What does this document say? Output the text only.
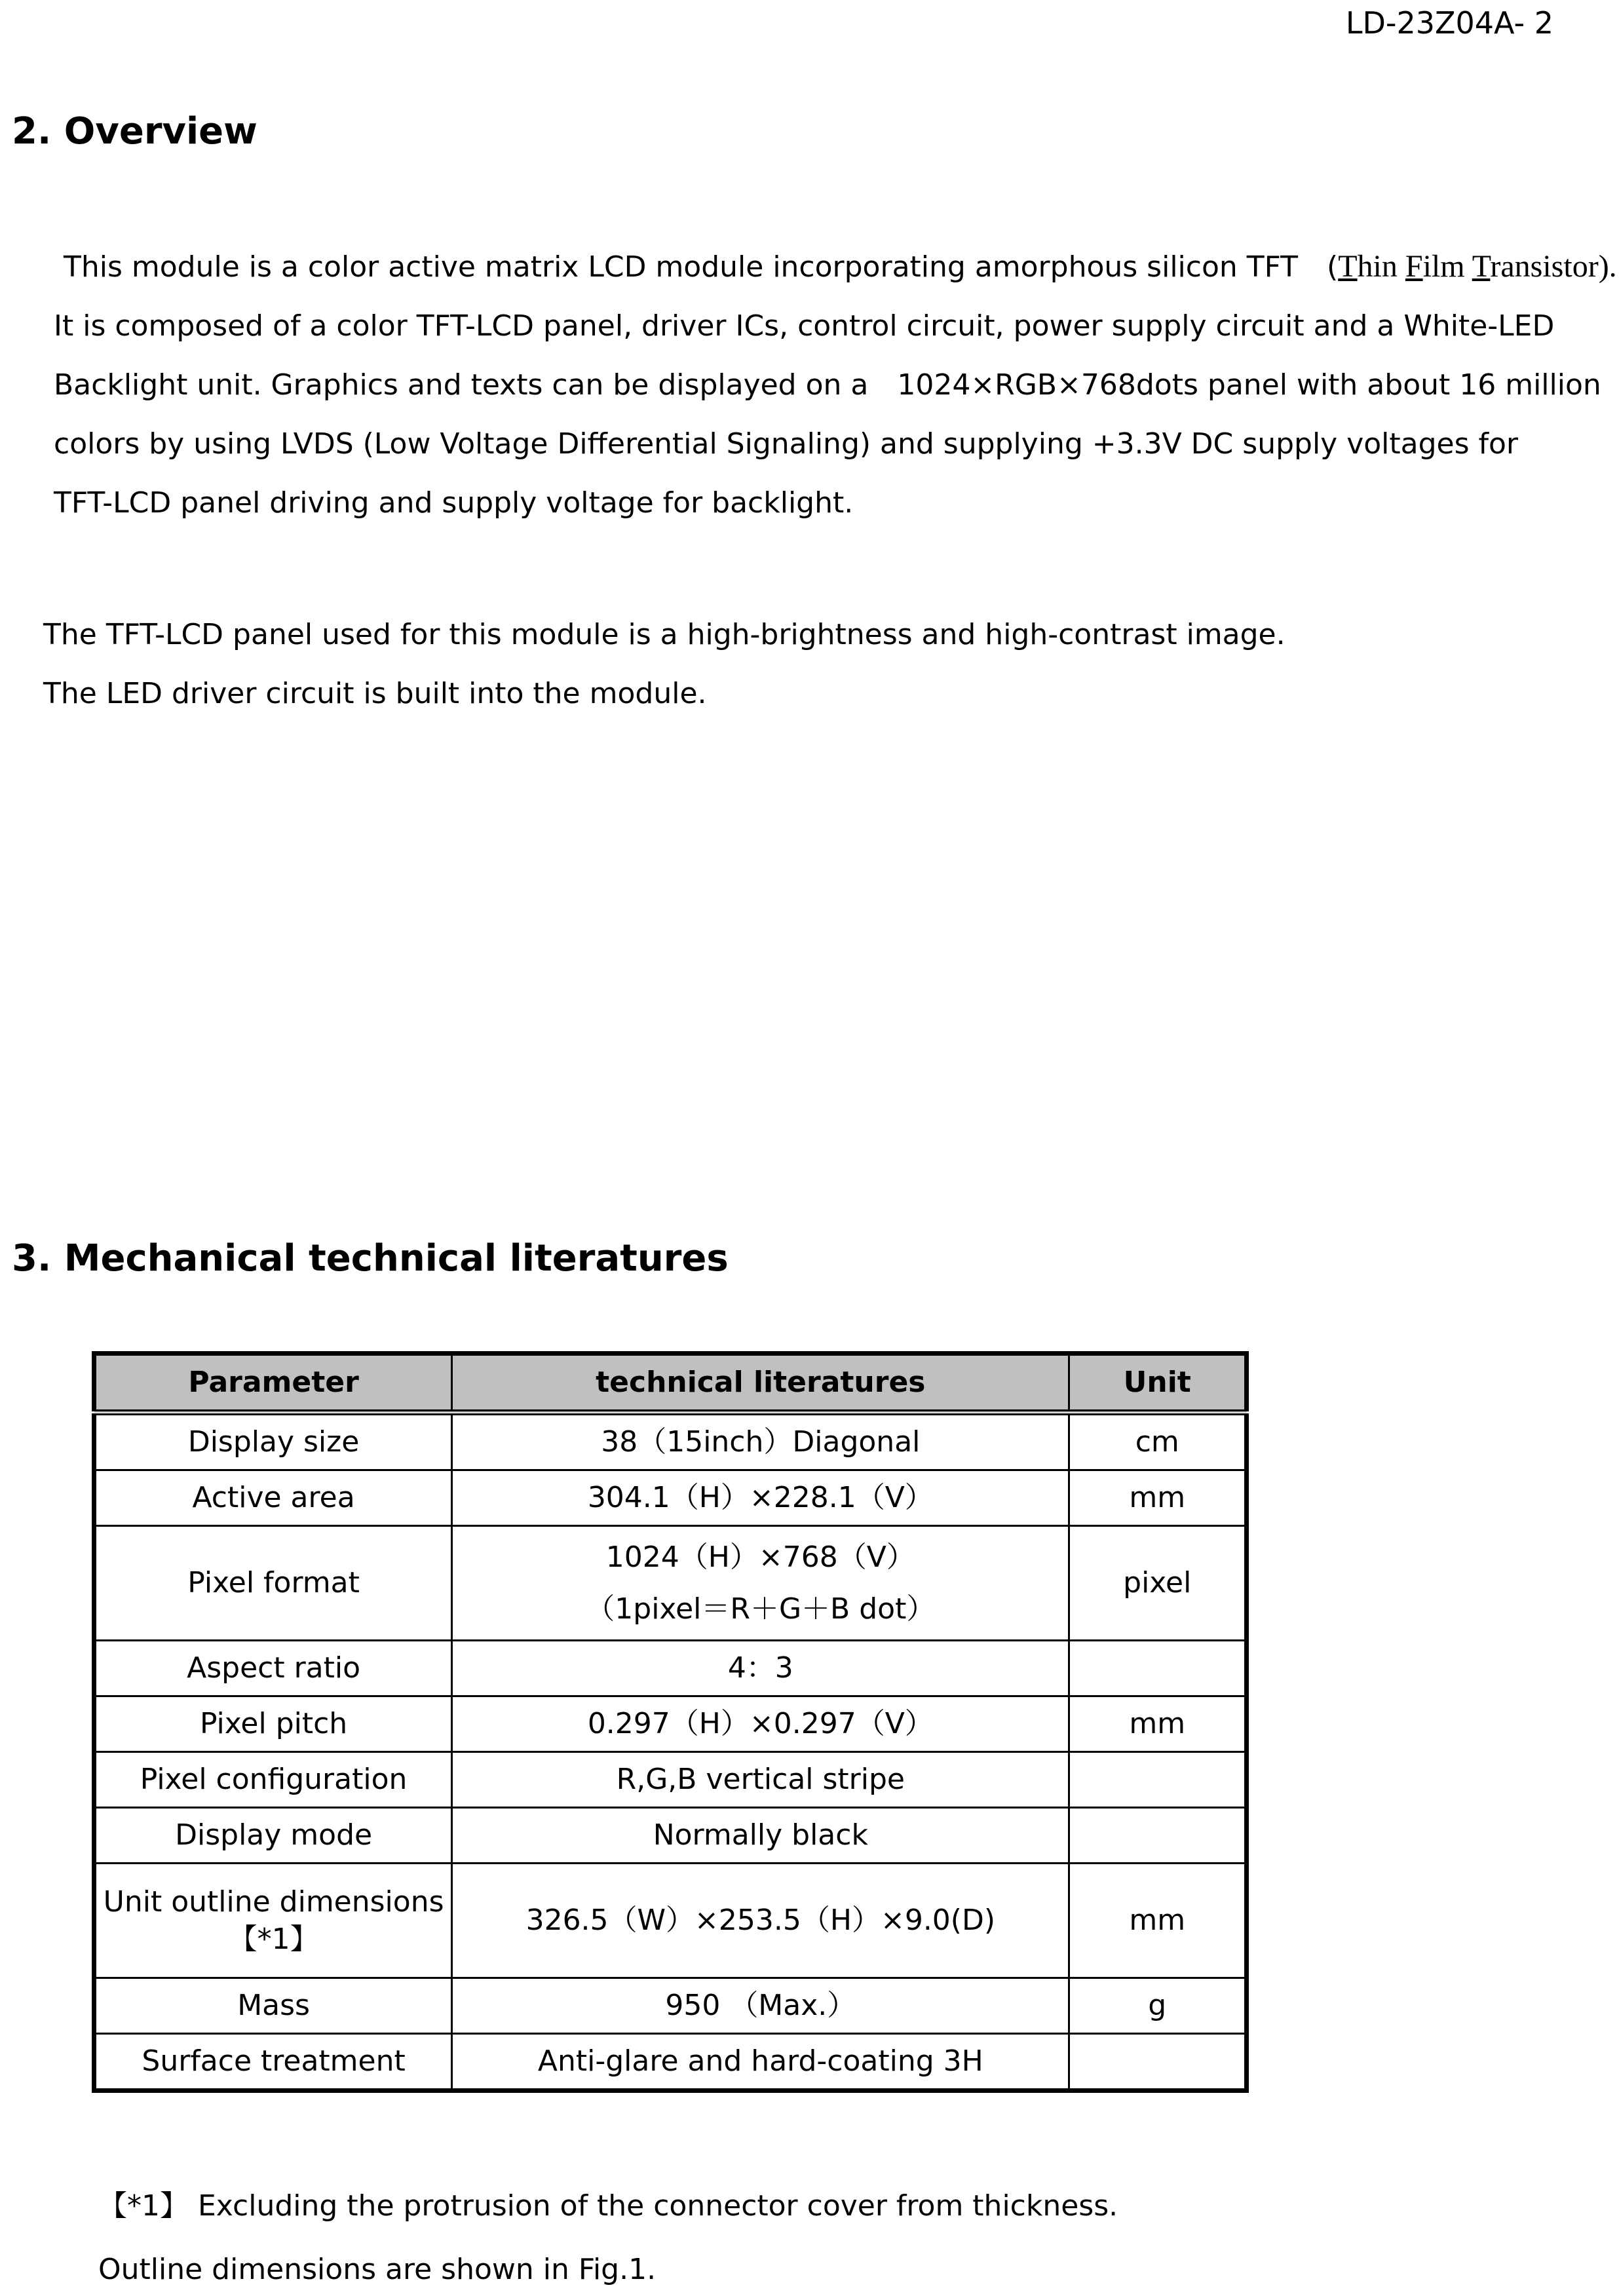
LD-23Z04A- 2
2. Overview
This module is a color active matrix LCD module incorporating amorphous silicon TFT　(Thin Film Transistor).
It is composed of a color TFT-LCD panel, driver ICs, control circuit, power supply circuit and a White-LED
Backlight unit. Graphics and texts can be displayed on a　1024×RGB×768dots panel with about 16 million
colors by using LVDS (Low Voltage Differential Signaling) and supplying +3.3V DC supply voltages for
TFT-LCD panel driving and supply voltage for backlight.
The TFT-LCD panel used for this module is a high-brightness and high-contrast image.
The LED driver circuit is built into the module.
3. Mechanical technical literatures
Parameter	technical literatures	Unit
Display size	38（15inch）Diagonal	cm
Active area	304.1（H）×228.1（V）	mm
Pixel format	1024（H）×768（V）
（1pixel＝R＋G＋B dot）	pixel
Aspect ratio	4：3	
Pixel pitch	0.297（H）×0.297（V）	mm
Pixel configuration	R,G,B vertical stripe	
Display mode	Normally black	
Unit outline dimensions
【*1】	326.5（W）×253.5（H）×9.0(D)	mm
Mass	950 （Max.）	g
Surface treatment	Anti-glare and hard-coating 3H	
【*1】 Excluding the protrusion of the connector cover from thickness.
Outline dimensions are shown in Fig.1.
